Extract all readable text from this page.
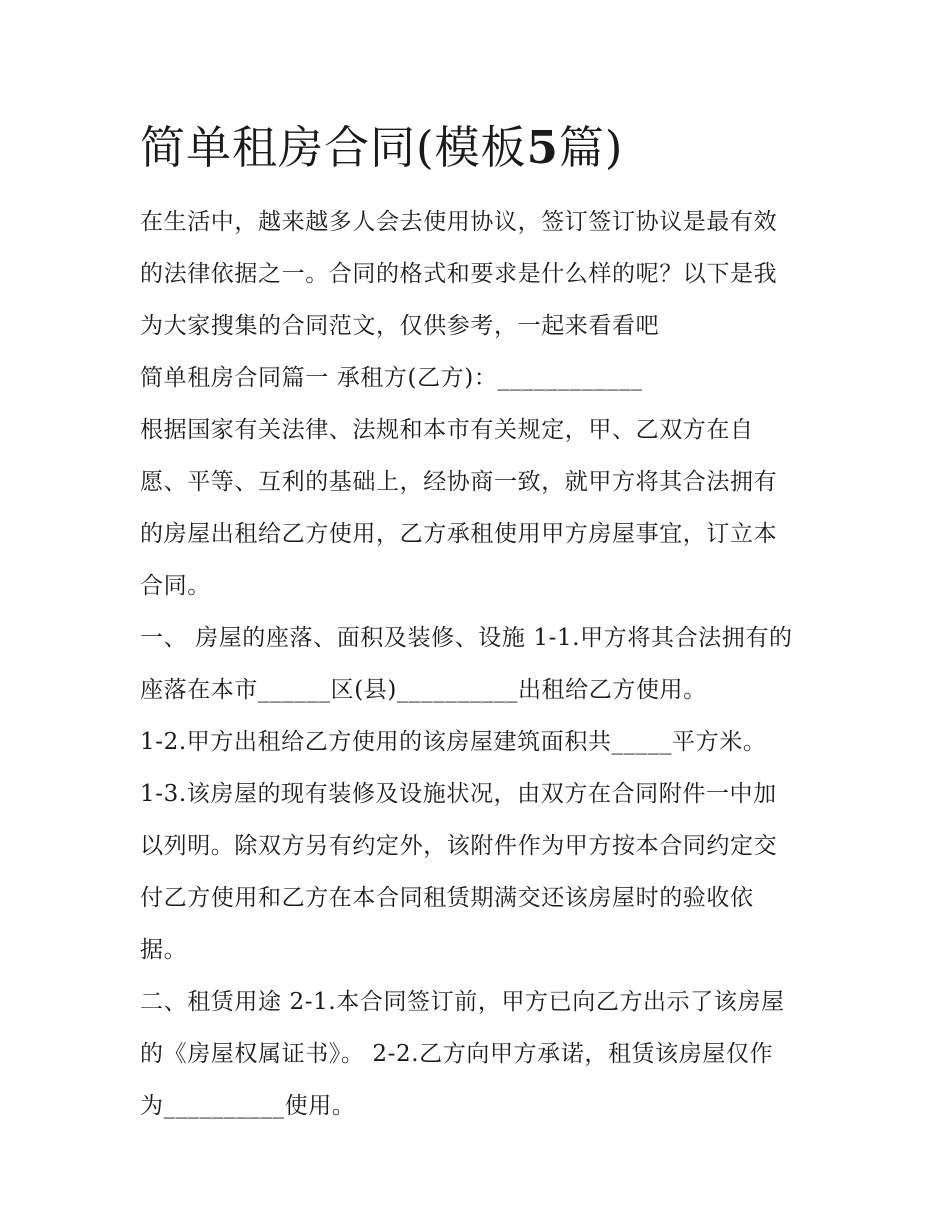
简单租房合同(模板5篇)
在生活中，越来越多人会去使用协议，签订签订协议是最有效
的法律依据之一。合同的格式和要求是什么样的呢？以下是我
为大家搜集的合同范文，仅供参考，一起来看看吧
简单租房合同篇一 承租方(乙方)：____________
根据国家有关法律、法规和本市有关规定，甲、乙双方在自
愿、平等、互利的基础上，经协商一致，就甲方将其合法拥有
的房屋出租给乙方使用，乙方承租使用甲方房屋事宜，订立本
合同。
一、 房屋的座落、面积及装修、设施 1-1.甲方将其合法拥有的
座落在本市______区(县)__________出租给乙方使用。
1-2.甲方出租给乙方使用的该房屋建筑面积共_____平方米。
1-3.该房屋的现有装修及设施状况，由双方在合同附件一中加
以列明。除双方另有约定外，该附件作为甲方按本合同约定交
付乙方使用和乙方在本合同租赁期满交还该房屋时的验收依
据。
二、租赁用途 2-1.本合同签订前，甲方已向乙方出示了该房屋
的《房屋权属证书》。 2-2.乙方向甲方承诺，租赁该房屋仅作
为__________使用。
